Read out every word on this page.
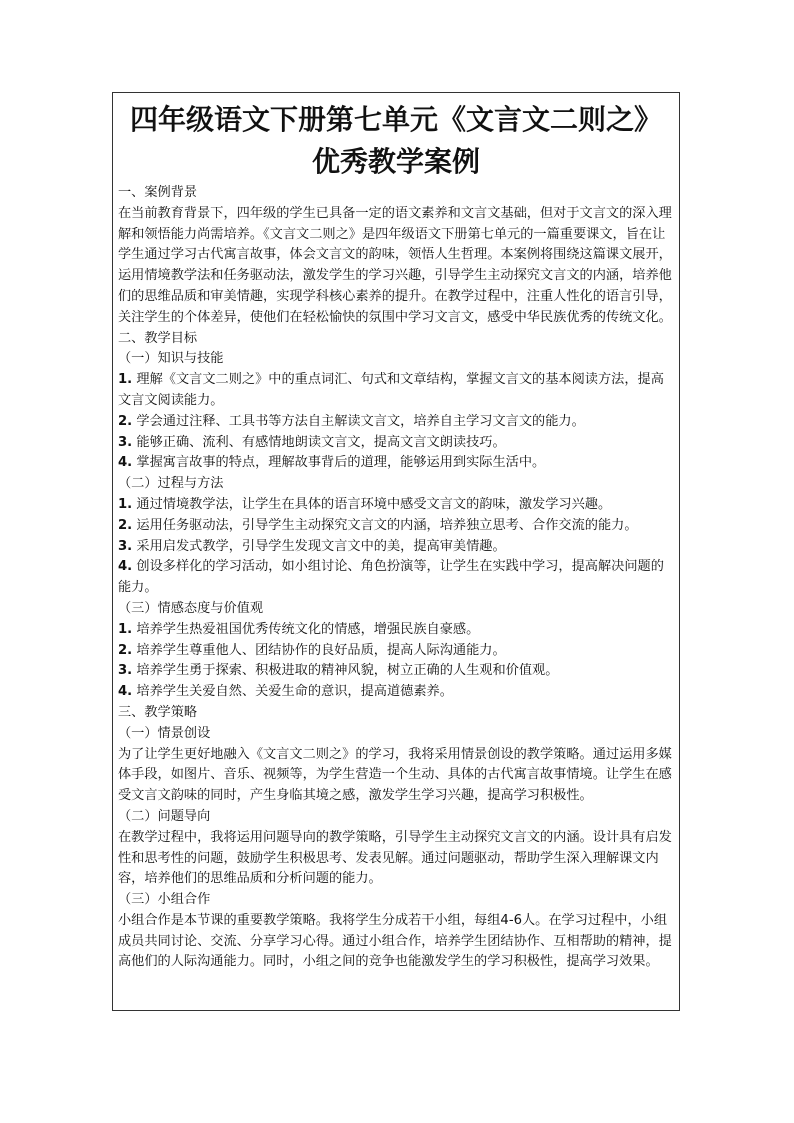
四年级语文下册第七单元《文言文二则之》
优秀教学案例

一、案例背景

在当前教育背景下，四年级的学生已具备一定的语文素养和文言文基础，但对于文言文的深入理解和领悟能力尚需培养。《文言文二则之》是四年级语文下册第七单元的一篇重要课文，旨在让学生通过学习古代寓言故事，体会文言文的韵味，领悟人生哲理。本案例将围绕这篇课文展开，运用情境教学法和任务驱动法，激发学生的学习兴趣，引导学生主动探究文言文的内涵，培养他们的思维品质和审美情趣，实现学科核心素养的提升。在教学过程中，注重人性化的语言引导，关注学生的个体差异，使他们在轻松愉快的氛围中学习文言文，感受中华民族优秀的传统文化。

二、教学目标

（一）知识与技能

1. 理解《文言文二则之》中的重点词汇、句式和文章结构，掌握文言文的基本阅读方法，提高文言文阅读能力。

2. 学会通过注释、工具书等方法自主解读文言文，培养自主学习文言文的能力。

3. 能够正确、流利、有感情地朗读文言文，提高文言文朗读技巧。

4. 掌握寓言故事的特点，理解故事背后的道理，能够运用到实际生活中。

（二）过程与方法

1. 通过情境教学法，让学生在具体的语言环境中感受文言文的韵味，激发学习兴趣。

2. 运用任务驱动法，引导学生主动探究文言文的内涵，培养独立思考、合作交流的能力。

3. 采用启发式教学，引导学生发现文言文中的美，提高审美情趣。

4. 创设多样化的学习活动，如小组讨论、角色扮演等，让学生在实践中学习，提高解决问题的能力。

（三）情感态度与价值观

1. 培养学生热爱祖国优秀传统文化的情感，增强民族自豪感。

2. 培养学生尊重他人、团结协作的良好品质，提高人际沟通能力。

3. 培养学生勇于探索、积极进取的精神风貌，树立正确的人生观和价值观。

4. 培养学生关爱自然、关爱生命的意识，提高道德素养。

三、教学策略

（一）情景创设

为了让学生更好地融入《文言文二则之》的学习，我将采用情景创设的教学策略。通过运用多媒体手段，如图片、音乐、视频等，为学生营造一个生动、具体的古代寓言故事情境。让学生在感受文言文韵味的同时，产生身临其境之感，激发学生学习兴趣，提高学习积极性。

（二）问题导向

在教学过程中，我将运用问题导向的教学策略，引导学生主动探究文言文的内涵。设计具有启发性和思考性的问题，鼓励学生积极思考、发表见解。通过问题驱动，帮助学生深入理解课文内容，培养他们的思维品质和分析问题的能力。

（三）小组合作

小组合作是本节课的重要教学策略。我将学生分成若干小组，每组4-6人。在学习过程中，小组成员共同讨论、交流、分享学习心得。通过小组合作，培养学生团结协作、互相帮助的精神，提高他们的人际沟通能力。同时，小组之间的竞争也能激发学生的学习积极性，提高学习效果。
